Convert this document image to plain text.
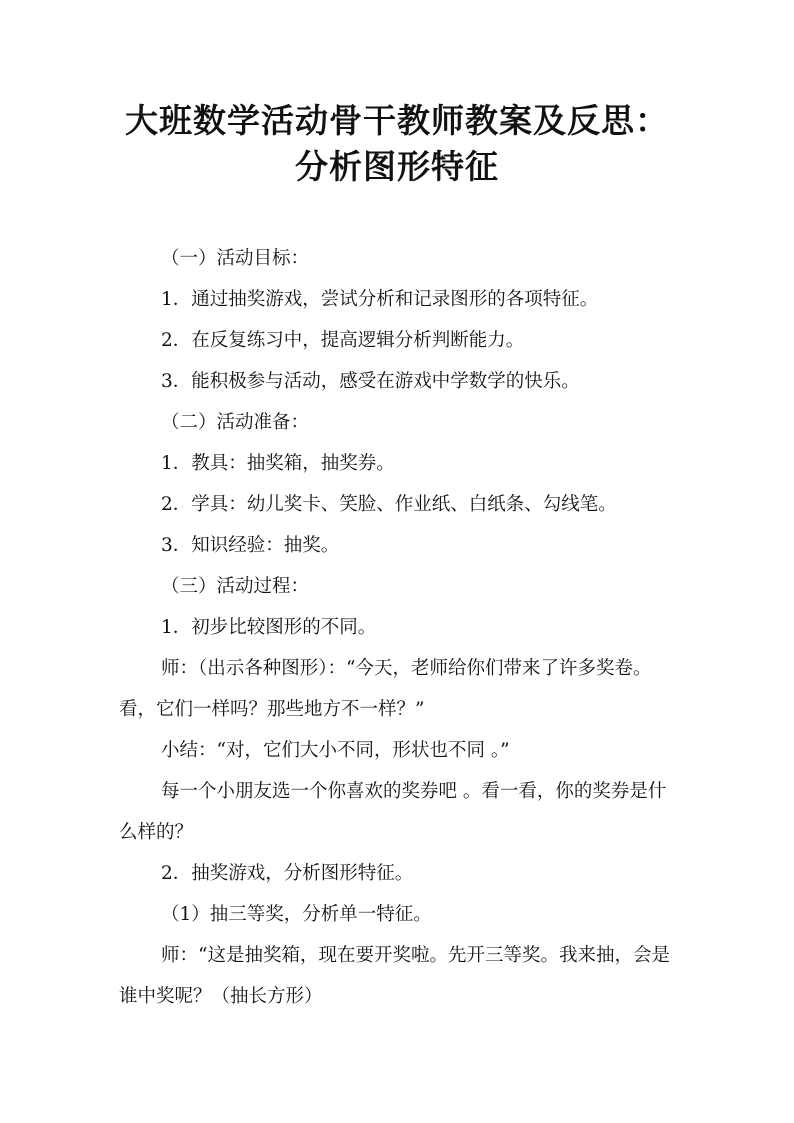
大班数学活动骨干教师教案及反思：分析图形特征

（一）活动目标：

1．通过抽奖游戏，尝试分析和记录图形的各项特征。

2．在反复练习中，提高逻辑分析判断能力。

3．能积极参与活动，感受在游戏中学数学的快乐。

（二）活动准备：

1．教具：抽奖箱，抽奖券。

2．学具：幼儿奖卡、笑脸、作业纸、白纸条、勾线笔。

3．知识经验：抽奖。

（三）活动过程：

1．初步比较图形的不同。

师：（出示各种图形）：“今天，老师给你们带来了许多奖卷。看，它们一样吗？那些地方不一样？”

小结：“对，它们大小不同，形状也不同 。”

每一个小朋友选一个你喜欢的奖券吧 。看一看，你的奖券是什么样的？

2．抽奖游戏，分析图形特征。

（1）抽三等奖，分析单一特征。

师：“这是抽奖箱，现在要开奖啦。先开三等奖。我来抽，会是谁中奖呢？（抽长方形）
